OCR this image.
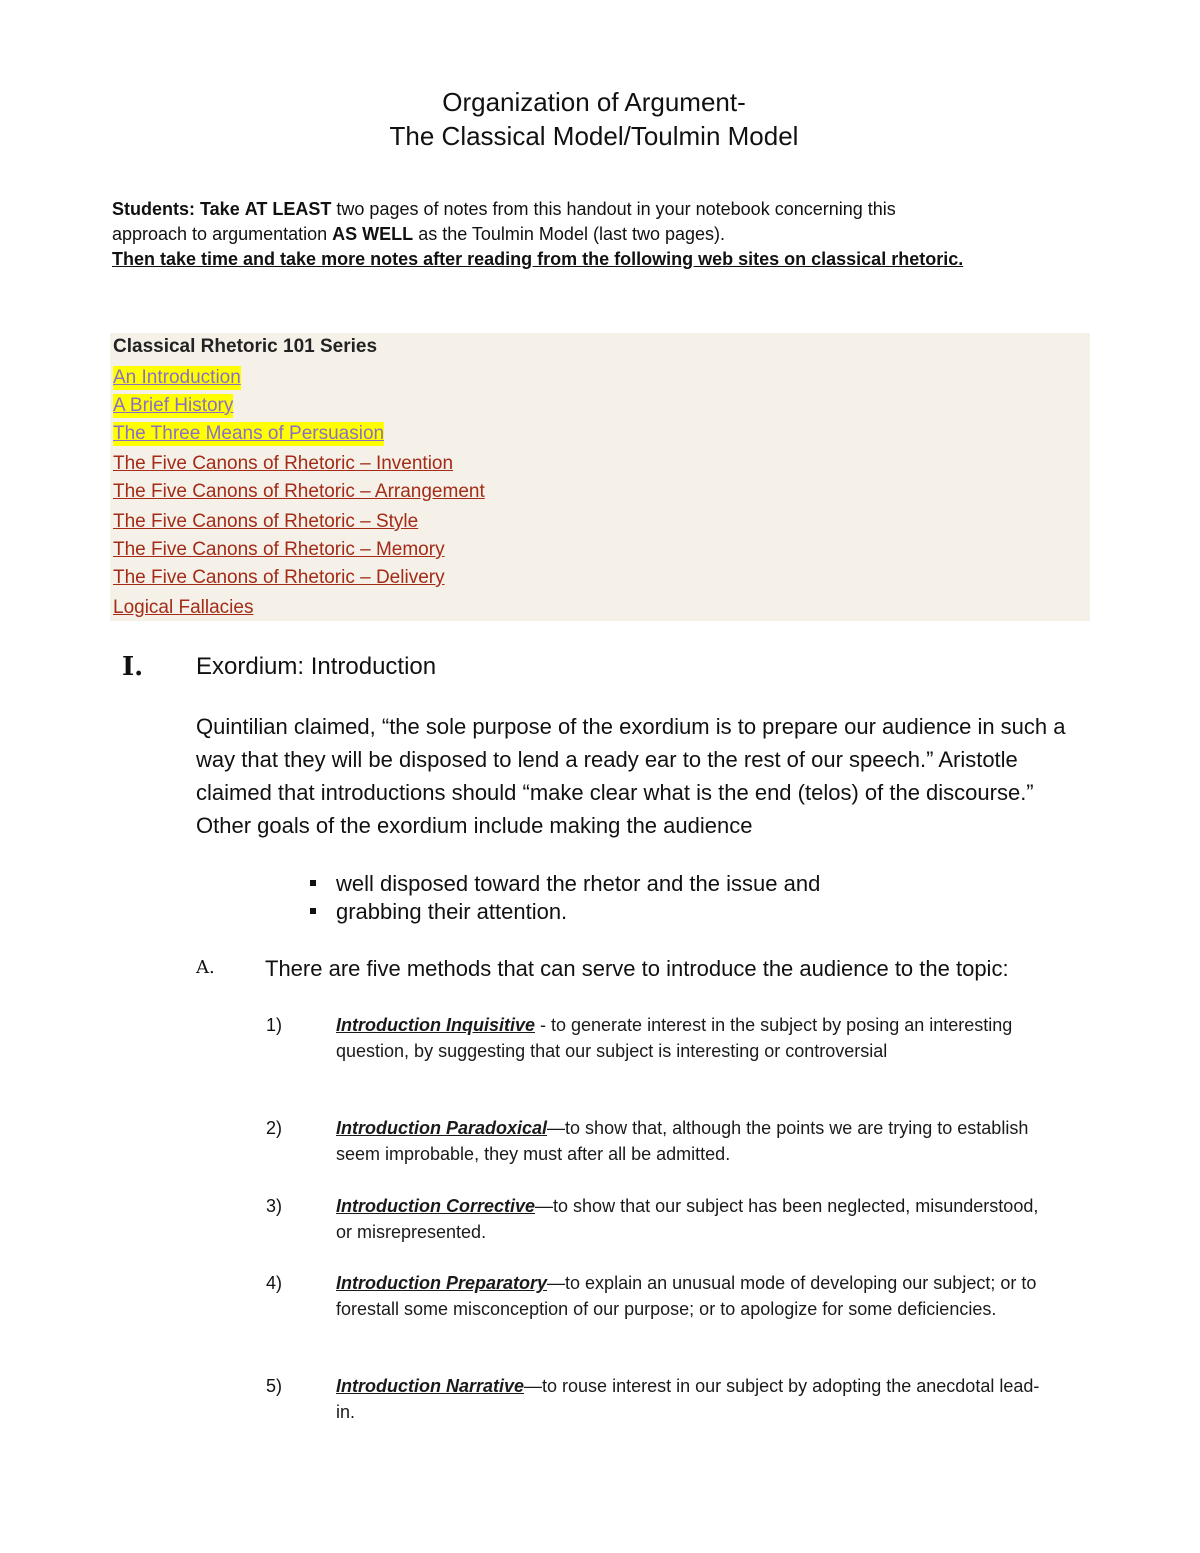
Organization of Argument-
The Classical Model/Toulmin Model
Students: Take AT LEAST two pages of notes from this handout in your notebook concerning this
approach to argumentation AS WELL as the Toulmin Model (last two pages).
Then take time and take more notes after reading from the following web sites on classical rhetoric.
Classical Rhetoric 101 Series
An Introduction
A Brief History
The Three Means of Persuasion
The Five Canons of Rhetoric – Invention
The Five Canons of Rhetoric – Arrangement
The Five Canons of Rhetoric – Style
The Five Canons of Rhetoric – Memory
The Five Canons of Rhetoric – Delivery
Logical Fallacies
I. Exordium: Introduction
Quintilian claimed, “the sole purpose of the exordium is to prepare our audience in such a way that they will be disposed to lend a ready ear to the rest of our speech.” Aristotle claimed that introductions should “make clear what is the end (telos) of the discourse.” Other goals of the exordium include making the audience
well disposed toward the rhetor and the issue and
grabbing their attention.
A. There are five methods that can serve to introduce the audience to the topic:
1)	Introduction Inquisitive - to generate interest in the subject by posing an interesting question, by suggesting that our subject is interesting or controversial
2)	Introduction Paradoxical—to show that, although the points we are trying to establish seem improbable, they must after all be admitted.
3)	Introduction Corrective—to show that our subject has been neglected, misunderstood, or misrepresented.
4)	Introduction Preparatory—to explain an unusual mode of developing our subject; or to forestall some misconception of our purpose; or to apologize for some deficiencies.
5)	Introduction Narrative—to rouse interest in our subject by adopting the anecdotal lead- in.
